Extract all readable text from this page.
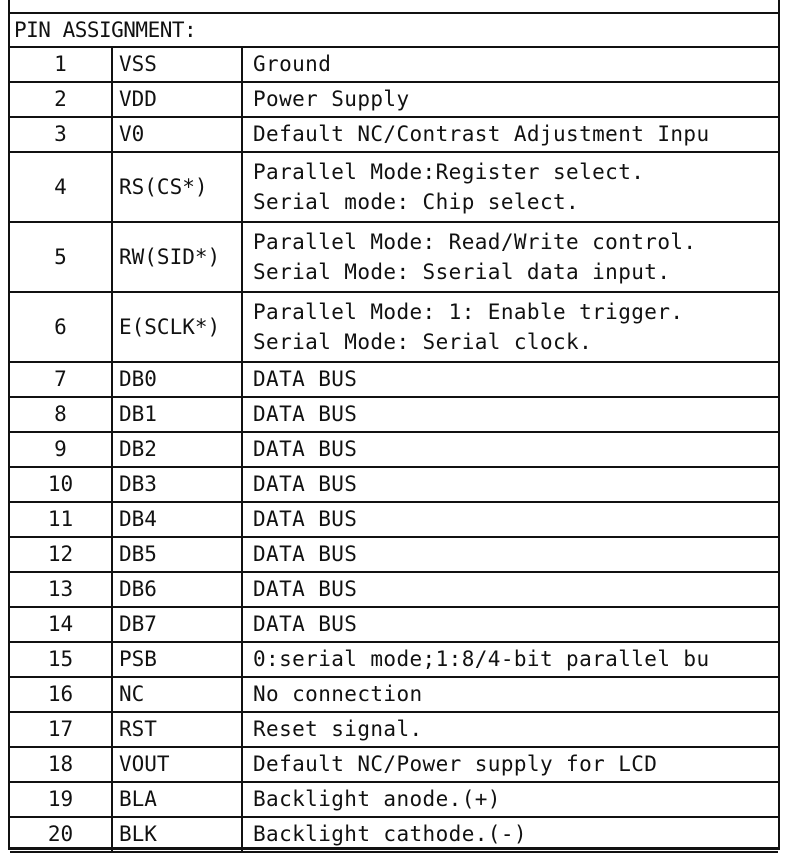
PIN ASSIGNMENT:
1	VSS	Ground

2	VDD	Power Supply

3	V0	Default NC/Contrast Adjustment Inpu

4	RS(CS*)	Parallel Mode:Register select.
Serial mode: Chip select.

5	RW(SID*)	Parallel Mode: Read/Write control.
Serial Mode: Sserial data input.

6	E(SCLK*)	Parallel Mode: 1: Enable trigger.
Serial Mode: Serial clock.

7	DB0	DATA BUS

8	DB1	DATA BUS

9	DB2	DATA BUS

10	DB3	DATA BUS

11	DB4	DATA BUS

12	DB5	DATA BUS

13	DB6	DATA BUS

14	DB7	DATA BUS

15	PSB	0:serial mode;1:8/4-bit parallel bu

16	NC	No connection

17	RST	Reset signal.

18	VOUT	Default NC/Power supply for LCD

19	BLA	Backlight anode.(+)

20	BLK	Backlight cathode.(-)
